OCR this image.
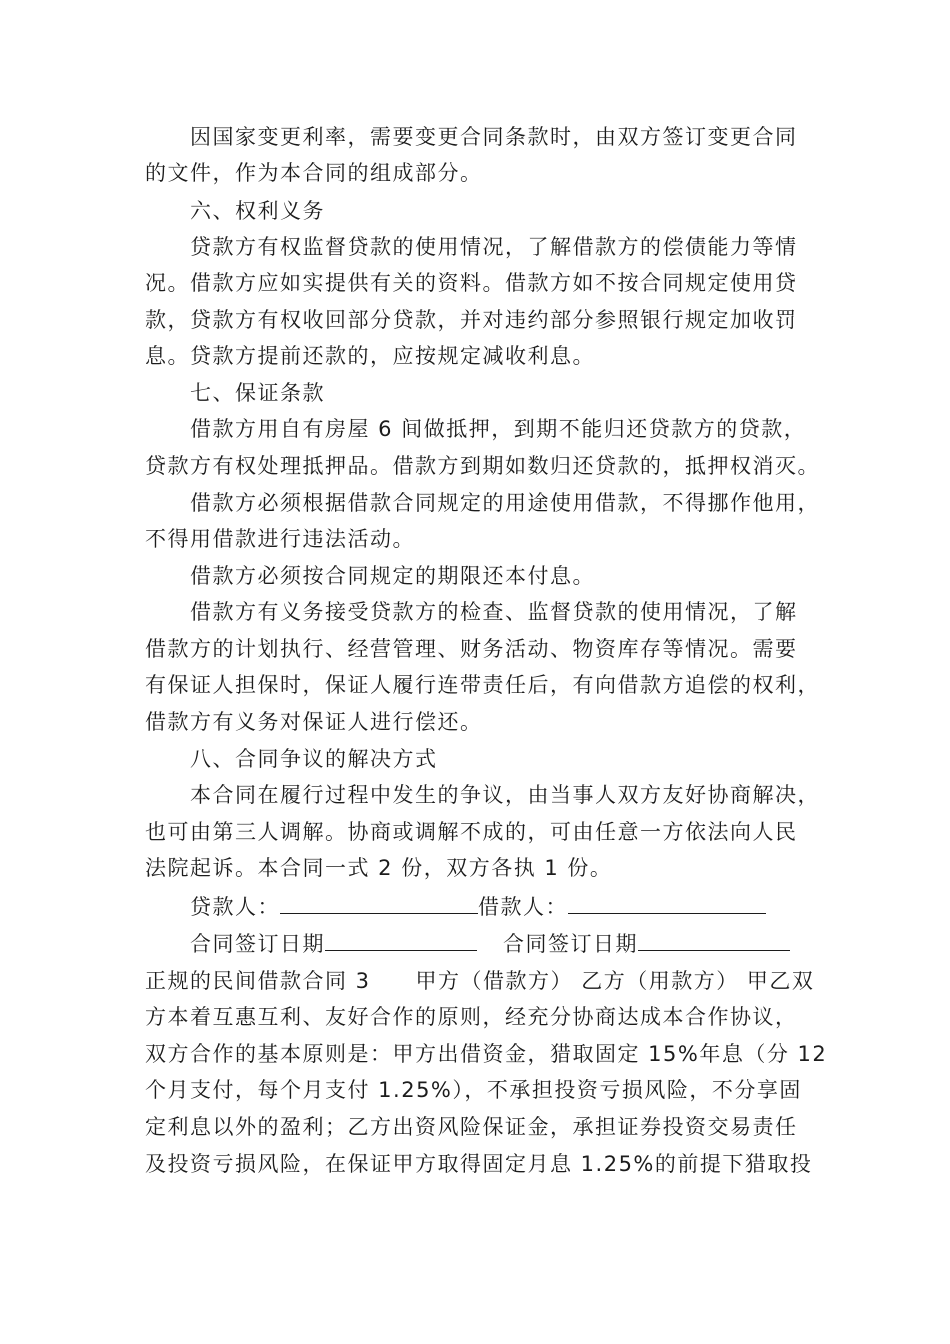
因国家变更利率，需要变更合同条款时，由双方签订变更合同
的文件，作为本合同的组成部分。
六、权利义务
贷款方有权监督贷款的使用情况，了解借款方的偿债能力等情
况。借款方应如实提供有关的资料。借款方如不按合同规定使用贷
款，贷款方有权收回部分贷款，并对违约部分参照银行规定加收罚
息。贷款方提前还款的，应按规定减收利息。
七、保证条款
借款方用自有房屋 6 间做抵押，到期不能归还贷款方的贷款，
贷款方有权处理抵押品。借款方到期如数归还贷款的，抵押权消灭。
借款方必须根据借款合同规定的用途使用借款，不得挪作他用，
不得用借款进行违法活动。
借款方必须按合同规定的期限还本付息。
借款方有义务接受贷款方的检查、监督贷款的使用情况，了解
借款方的计划执行、经营管理、财务活动、物资库存等情况。需要
有保证人担保时，保证人履行连带责任后，有向借款方追偿的权利，
借款方有义务对保证人进行偿还。
八、合同争议的解决方式
本合同在履行过程中发生的争议，由当事人双方友好协商解决，
也可由第三人调解。协商或调解不成的，可由任意一方依法向人民
法院起诉。本合同一式 2 份，双方各执 1 份。
贷款人：	借款人：
合同签订日期	合同签订日期
正规的民间借款合同 3　　甲方（借款方） 乙方（用款方） 甲乙双
方本着互惠互利、友好合作的原则，经充分协商达成本合作协议，
双方合作的基本原则是：甲方出借资金，猎取固定 15%年息（分 12
个月支付，每个月支付 1.25%），不承担投资亏损风险，不分享固
定利息以外的盈利；乙方出资风险保证金，承担证券投资交易责任
及投资亏损风险，在保证甲方取得固定月息 1.25%的前提下猎取投
